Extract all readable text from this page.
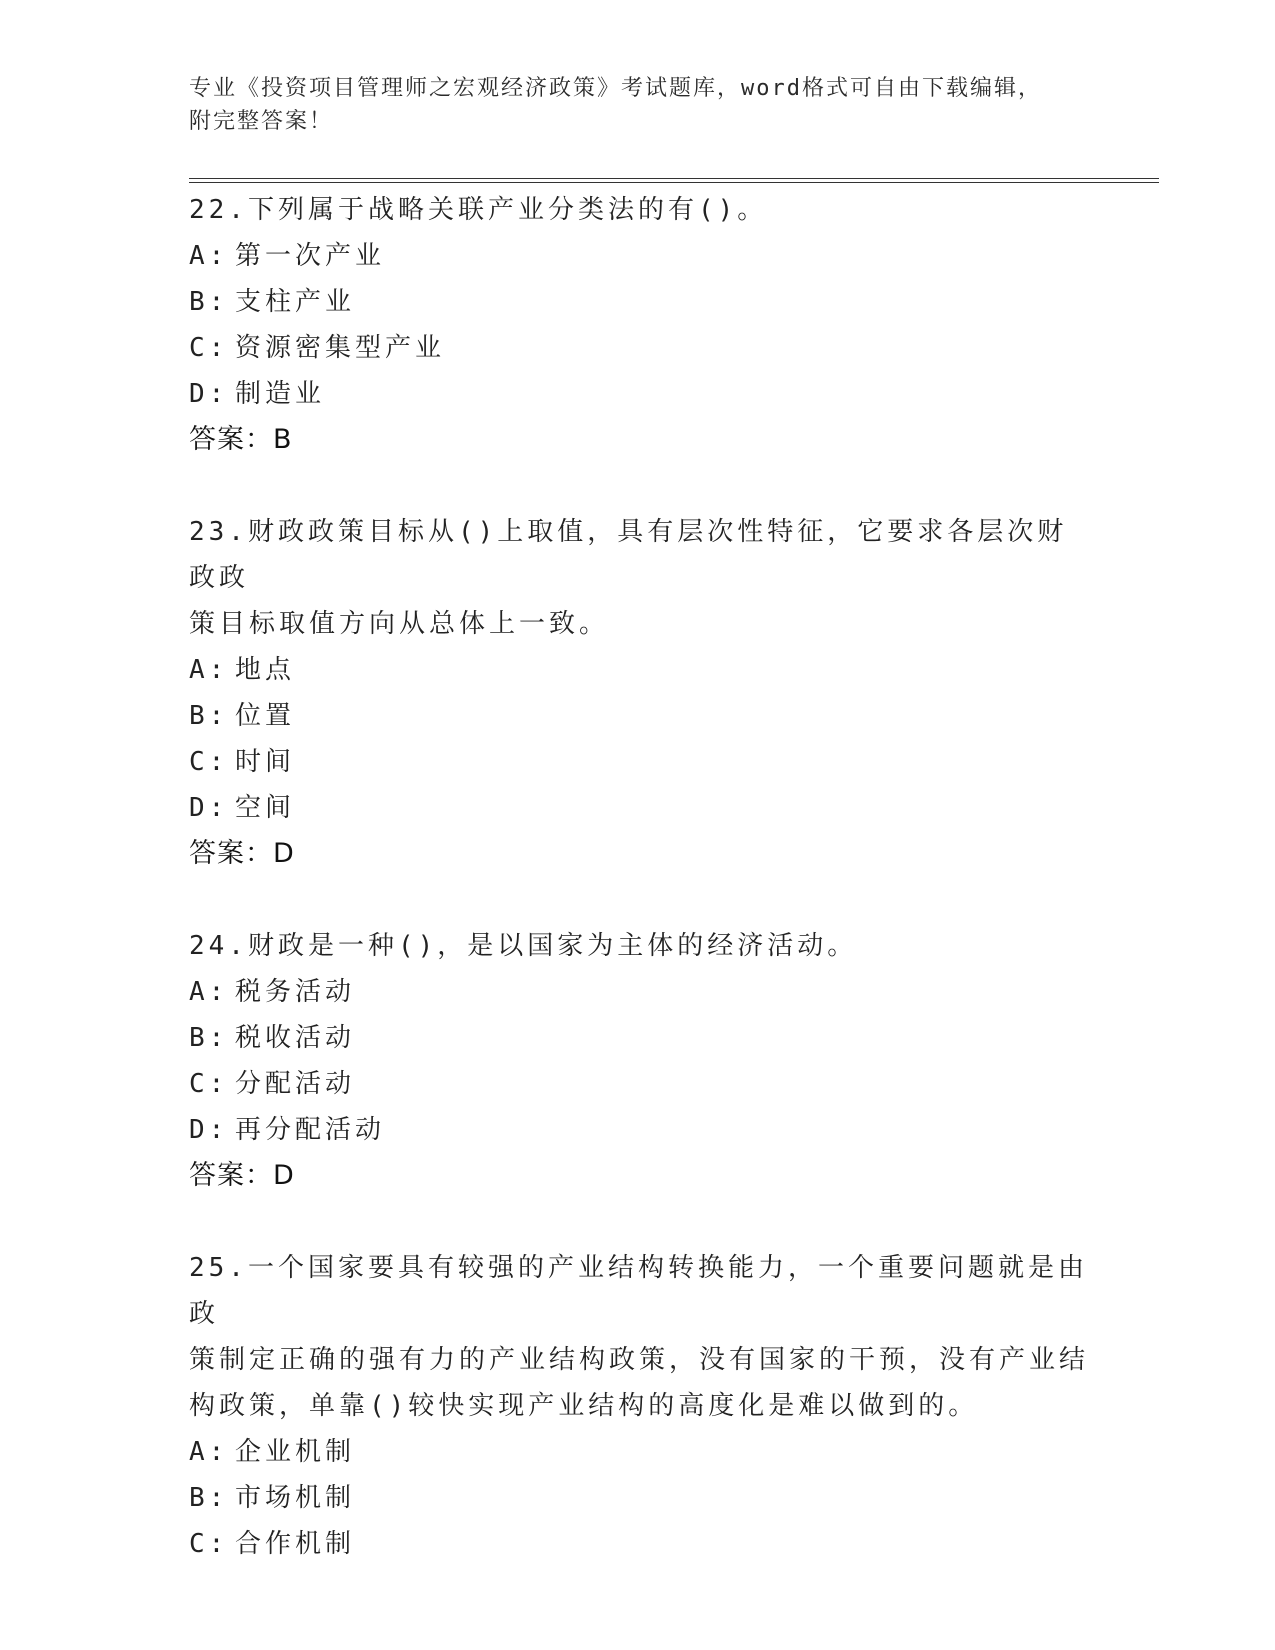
专业《投资项目管理师之宏观经济政策》考试题库，word格式可自由下载编辑，
附完整答案！

22.下列属于战略关联产业分类法的有()。

A: 第一次产业

B: 支柱产业

C: 资源密集型产业

D: 制造业

答案：B

23.财政政策目标从()上取值，具有层次性特征，它要求各层次财政政

策目标取值方向从总体上一致。

A: 地点

B: 位置

C: 时间

D: 空间

答案：D

24.财政是一种()，是以国家为主体的经济活动。

A: 税务活动

B: 税收活动

C: 分配活动

D: 再分配活动

答案：D

25.一个国家要具有较强的产业结构转换能力，一个重要问题就是由政

策制定正确的强有力的产业结构政策，没有国家的干预，没有产业结

构政策，单靠()较快实现产业结构的高度化是难以做到的。

A: 企业机制

B: 市场机制

C: 合作机制
